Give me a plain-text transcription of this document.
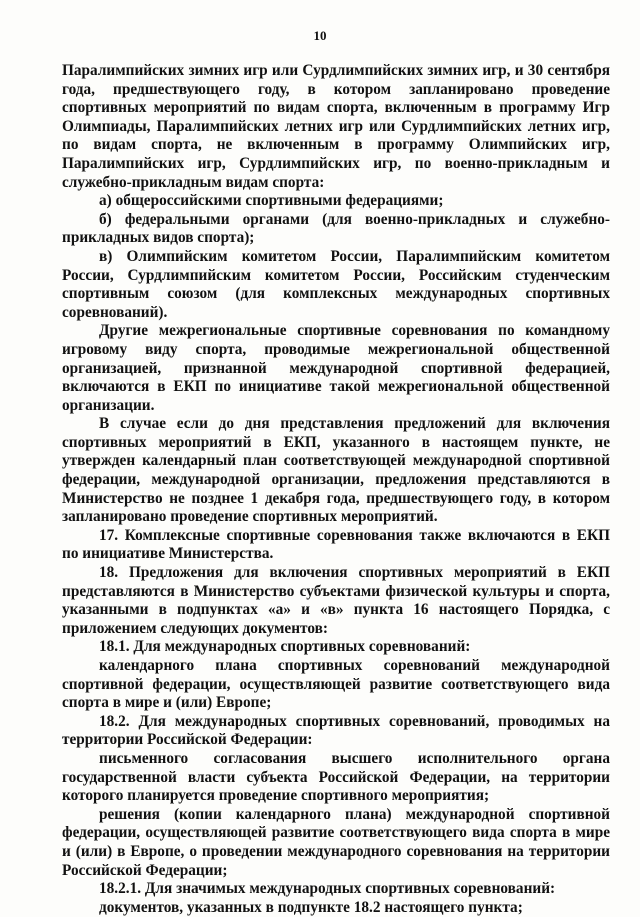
10

Паралимпийских зимних игр или Сурдлимпийских зимних игр, и 30 сентября года, предшествующего году, в котором запланировано проведение спортивных мероприятий по видам спорта, включенным в программу Игр Олимпиады, Паралимпийских летних игр или Сурдлимпийских летних игр, по видам спорта, не включенным в программу Олимпийских игр, Паралимпийских игр, Сурдлимпийских игр, по военно-прикладным и служебно-прикладным видам спорта:

а) общероссийскими спортивными федерациями;

б) федеральными органами (для военно-прикладных и служебно-прикладных видов спорта);

в) Олимпийским комитетом России, Паралимпийским комитетом России, Сурдлимпийским комитетом России, Российским студенческим спортивным союзом (для комплексных международных спортивных соревнований).

Другие межрегиональные спортивные соревнования по командному игровому виду спорта, проводимые межрегиональной общественной организацией, признанной международной спортивной федерацией, включаются в ЕКП по инициативе такой межрегиональной общественной организации.

В случае если до дня представления предложений для включения спортивных мероприятий в ЕКП, указанного в настоящем пункте, не утвержден календарный план соответствующей международной спортивной федерации, международной организации, предложения представляются в Министерство не позднее 1 декабря года, предшествующего году, в котором запланировано проведение спортивных мероприятий.

17. Комплексные спортивные соревнования также включаются в ЕКП по инициативе Министерства.

18. Предложения для включения спортивных мероприятий в ЕКП представляются в Министерство субъектами физической культуры и спорта, указанными в подпунктах «а» и «в» пункта 16 настоящего Порядка, с приложением следующих документов:

18.1. Для международных спортивных соревнований:

календарного плана спортивных соревнований международной спортивной федерации, осуществляющей развитие соответствующего вида спорта в мире и (или) Европе;

18.2. Для международных спортивных соревнований, проводимых на территории Российской Федерации:

письменного согласования высшего исполнительного органа государственной власти субъекта Российской Федерации, на территории которого планируется проведение спортивного мероприятия;

решения (копии календарного плана) международной спортивной федерации, осуществляющей развитие соответствующего вида спорта в мире и (или) в Европе, о проведении международного соревнования на территории Российской Федерации;

18.2.1. Для значимых международных спортивных соревнований:

документов, указанных в подпункте 18.2 настоящего пункта;
